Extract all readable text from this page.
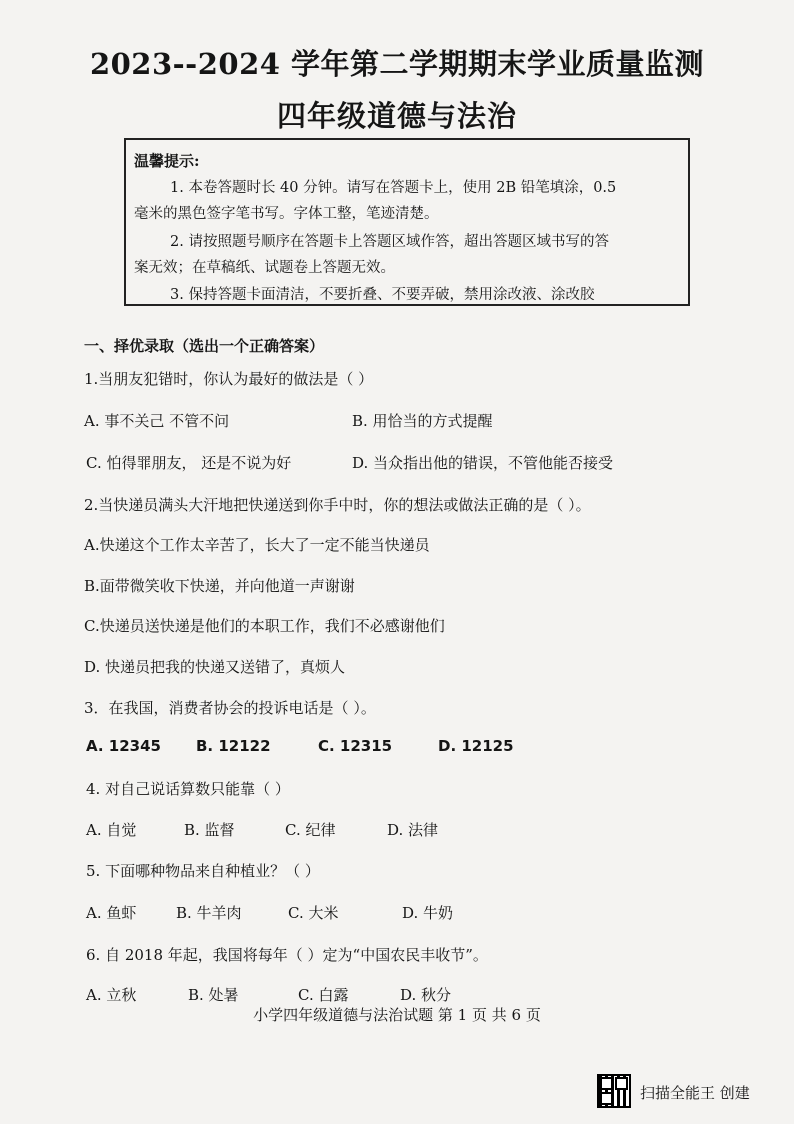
2023--2024 学年第二学期期末学业质量监测
四年级道德与法治
温馨提示:
1. 本卷答题时长 40 分钟。请写在答题卡上，使用 2B 铅笔填涂，0.5
毫米的黑色签字笔书写。字体工整，笔迹清楚。
2. 请按照题号顺序在答题卡上答题区域作答，超出答题区域书写的答
案无效；在草稿纸、试题卷上答题无效。
3. 保持答题卡面清洁，不要折叠、不要弄破，禁用涂改液、涂改胶
一、择优录取（选出一个正确答案）
1.当朋友犯错时，你认为最好的做法是（ ）
A. 事不关己 不管不问	B. 用恰当的方式提醒
C. 怕得罪朋友， 还是不说为好	D. 当众指出他的错误，不管他能否接受
2.当快递员满头大汗地把快递送到你手中时，你的想法或做法正确的是（ ）。
A.快递这个工作太辛苦了，长大了一定不能当快递员
B.面带微笑收下快递，并向他道一声谢谢
C.快递员送快递是他们的本职工作，我们不必感谢他们
D. 快递员把我的快递又送错了，真烦人
3．在我国，消费者协会的投诉电话是（ ）。
A. 12345 B. 12122	C. 12315	D. 12125
4. 对自己说话算数只能靠（ ）
A. 自觉	B. 监督	C. 纪律	D. 法律
5. 下面哪种物品来自种植业？（ ）
A. 鱼虾	B. 牛羊肉	C. 大米	D. 牛奶
6. 自 2018 年起，我国将每年（ ）定为“中国农民丰收节”。
A. 立秋	B. 处暑	C. 白露	D. 秋分
小学四年级道德与法治试题 第 1 页 共 6 页
扫描全能王 创建
